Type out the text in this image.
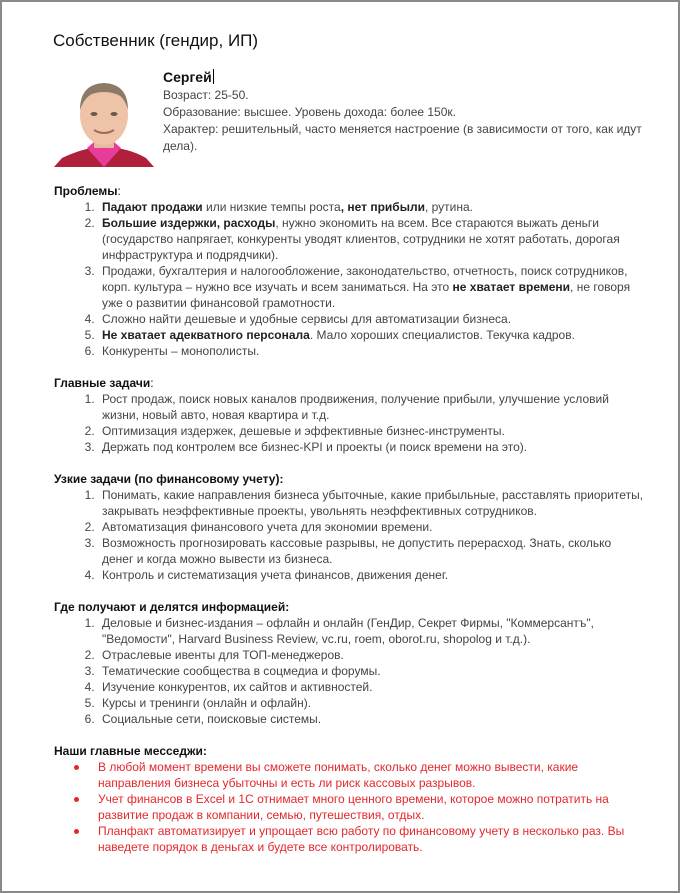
Собственник (гендир, ИП)
Сергей
Возраст: 25-50.
Образование: высшее. Уровень дохода: более 150к.
Характер: решительный, часто меняется настроение (в зависимости от того, как идут дела).
Проблемы:
1. Падают продажи или низкие темпы роста, нет прибыли, рутина.
2. Большие издержки, расходы, нужно экономить на всем. Все стараются выжать деньги (государство напрягает, конкуренты уводят клиентов, сотрудники не хотят работать, дорогая инфраструктура и подрядчики).
3. Продажи, бухгалтерия и налогообложение, законодательство, отчетность, поиск сотрудников, корп. культура – нужно все изучать и всем заниматься. На это не хватает времени, не говоря уже о развитии финансовой грамотности.
4. Сложно найти дешевые и удобные сервисы для автоматизации бизнеса.
5. Не хватает адекватного персонала. Мало хороших специалистов. Текучка кадров.
6. Конкуренты – монополисты.
Главные задачи:
1. Рост продаж, поиск новых каналов продвижения, получение прибыли, улучшение условий жизни, новый авто, новая квартира и т.д.
2. Оптимизация издержек, дешевые и эффективные бизнес-инструменты.
3. Держать под контролем все бизнес-KPI и проекты (и поиск времени на это).
Узкие задачи (по финансовому учету):
1. Понимать, какие направления бизнеса убыточные, какие прибыльные, расставлять приоритеты, закрывать неэффективные проекты, увольнять неэффективных сотрудников.
2. Автоматизация финансового учета для экономии времени.
3. Возможность прогнозировать кассовые разрывы, не допустить перерасход. Знать, сколько денег и когда можно вывести из бизнеса.
4. Контроль и систематизация учета финансов, движения денег.
Где получают и делятся информацией:
1. Деловые и бизнес-издания – офлайн и онлайн (ГенДир, Секрет Фирмы, "Коммерсантъ", "Ведомости", Harvard Business Review, vc.ru, roem, oborot.ru, shopolog и т.д.).
2. Отраслевые ивенты для ТОП-менеджеров.
3. Тематические сообщества в соцмедиа и форумы.
4. Изучение конкурентов, их сайтов и активностей.
5. Курсы и тренинги (онлайн и офлайн).
6. Социальные сети, поисковые системы.
Наши главные месседжи:
В любой момент времени вы сможете понимать, сколько денег можно вывести, какие направления бизнеса убыточны и есть ли риск кассовых разрывов.
Учет финансов в Excel и 1С отнимает много ценного времени, которое можно потратить на развитие продаж в компании, семью, путешествия, отдых.
Планфакт автоматизирует и упрощает всю работу по финансовому учету в несколько раз. Вы наведете порядок в деньгах и будете все контролировать.
